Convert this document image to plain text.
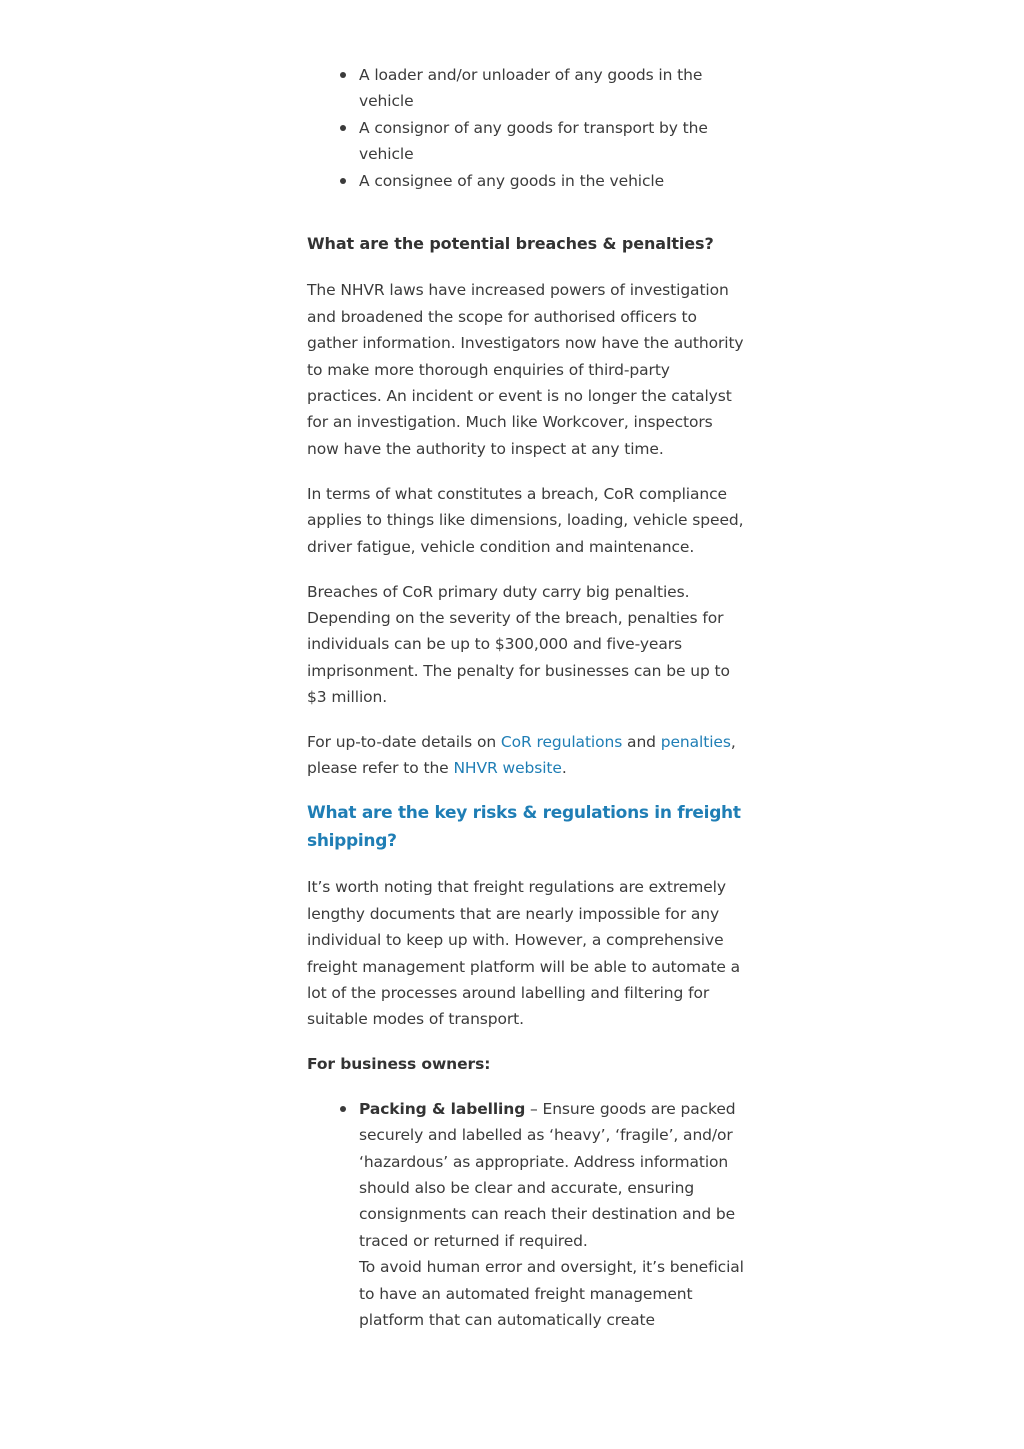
A loader and/or unloader of any goods in the vehicle
A consignor of any goods for transport by the vehicle
A consignee of any goods in the vehicle

What are the potential breaches & penalties?

The NHVR laws have increased powers of investigation and broadened the scope for authorised officers to gather information. Investigators now have the authority to make more thorough enquiries of third-party practices. An incident or event is no longer the catalyst for an investigation. Much like Workcover, inspectors now have the authority to inspect at any time.

In terms of what constitutes a breach, CoR compliance applies to things like dimensions, loading, vehicle speed, driver fatigue, vehicle condition and maintenance.

Breaches of CoR primary duty carry big penalties. Depending on the severity of the breach, penalties for individuals can be up to $300,000 and five-years imprisonment. The penalty for businesses can be up to $3 million.

For up-to-date details on CoR regulations and penalties, please refer to the NHVR website.

What are the key risks & regulations in freight shipping?

It’s worth noting that freight regulations are extremely lengthy documents that are nearly impossible for any individual to keep up with. However, a comprehensive freight management platform will be able to automate a lot of the processes around labelling and filtering for suitable modes of transport.

For business owners:

Packing & labelling – Ensure goods are packed securely and labelled as ‘heavy’, ‘fragile’, and/or ‘hazardous’ as appropriate. Address information should also be clear and accurate, ensuring consignments can reach their destination and be traced or returned if required.
To avoid human error and oversight, it’s beneficial to have an automated freight management platform that can automatically create
